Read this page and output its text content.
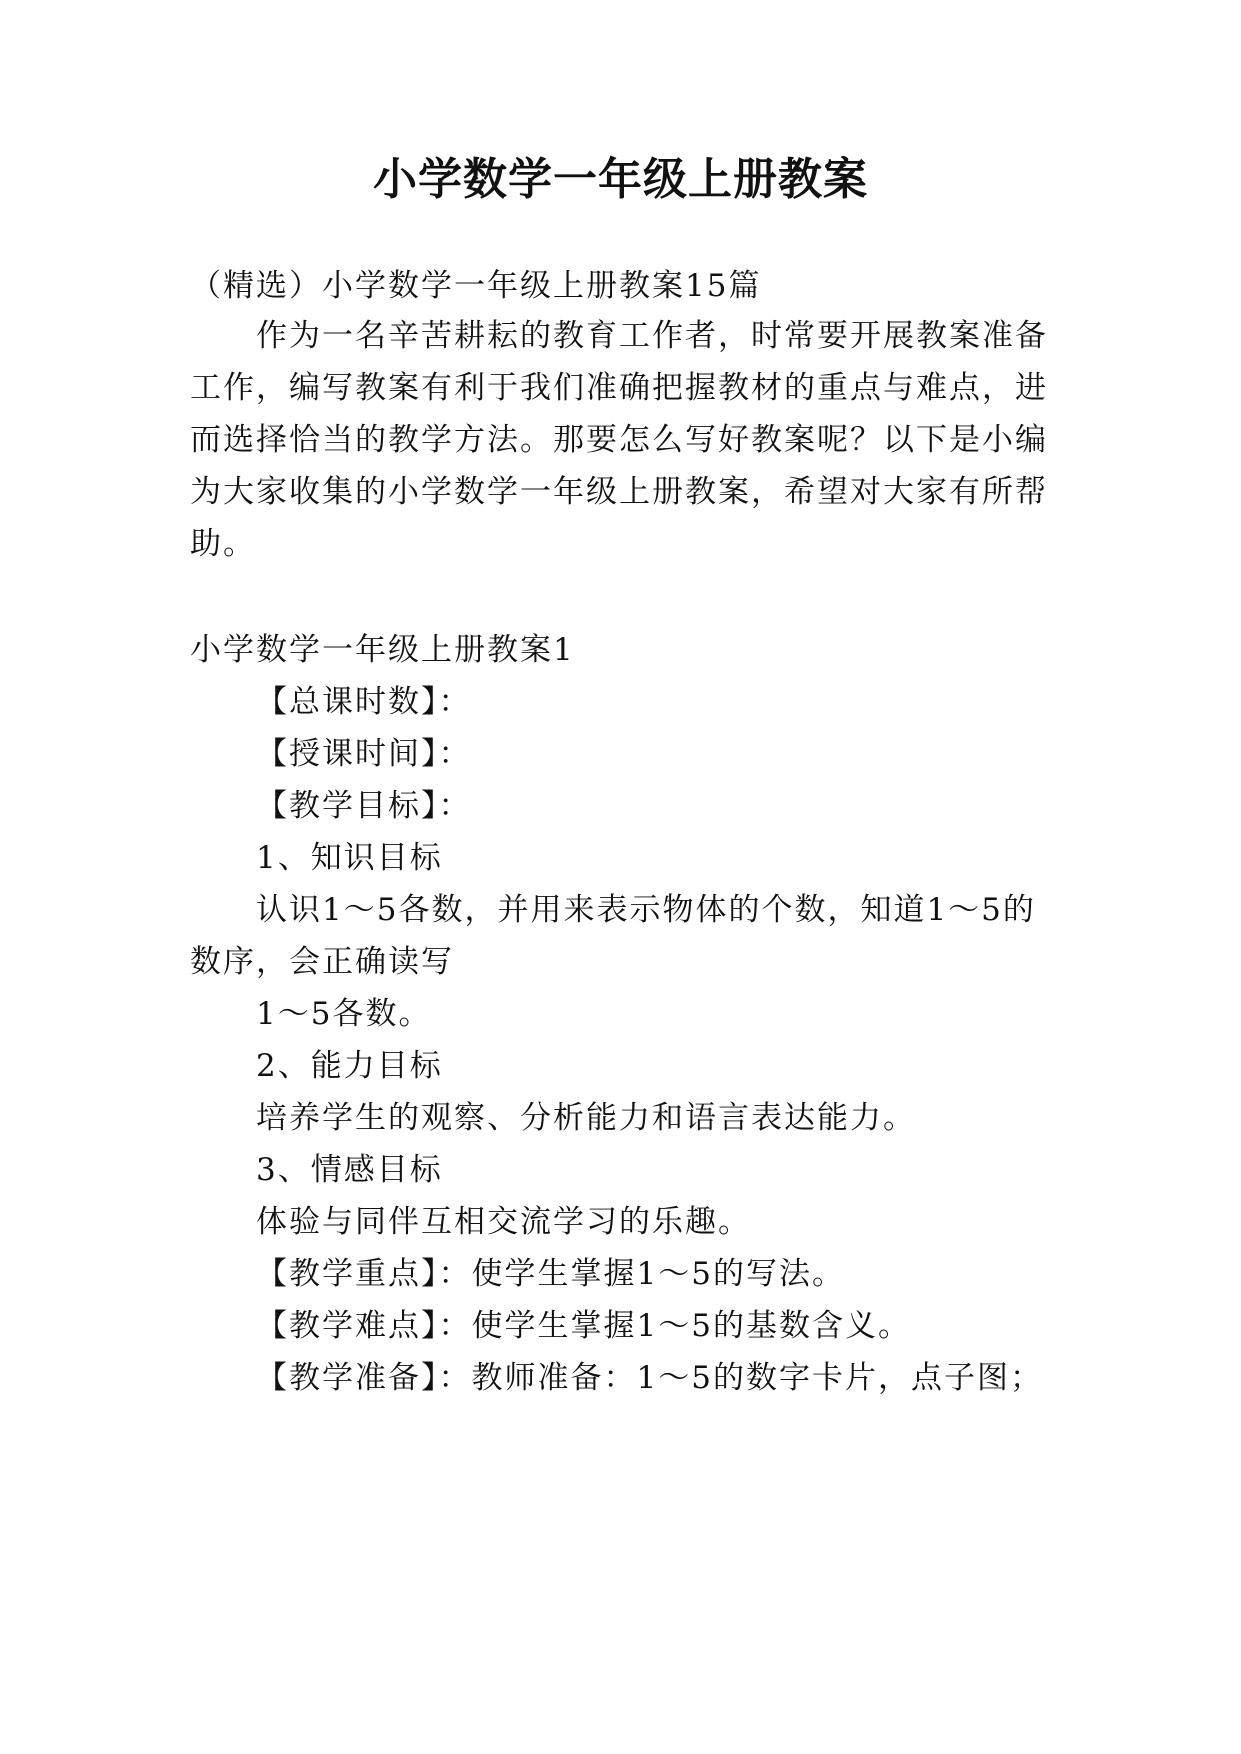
小学数学一年级上册教案
（精选）小学数学一年级上册教案15篇
作为一名辛苦耕耘的教育工作者，时常要开展教案准备
工作，编写教案有利于我们准确把握教材的重点与难点，进
而选择恰当的教学方法。那要怎么写好教案呢？以下是小编
为大家收集的小学数学一年级上册教案，希望对大家有所帮
助。
小学数学一年级上册教案1
【总课时数】：
【授课时间】：
【教学目标】：
1、知识目标
认识1～5各数，并用来表示物体的个数，知道1～5的
数序，会正确读写
1～5各数。
2、能力目标
培养学生的观察、分析能力和语言表达能力。
3、情感目标
体验与同伴互相交流学习的乐趣。
【教学重点】：使学生掌握1～5的写法。
【教学难点】：使学生掌握1～5的基数含义。
【教学准备】：教师准备：1～5的数字卡片，点子图；
